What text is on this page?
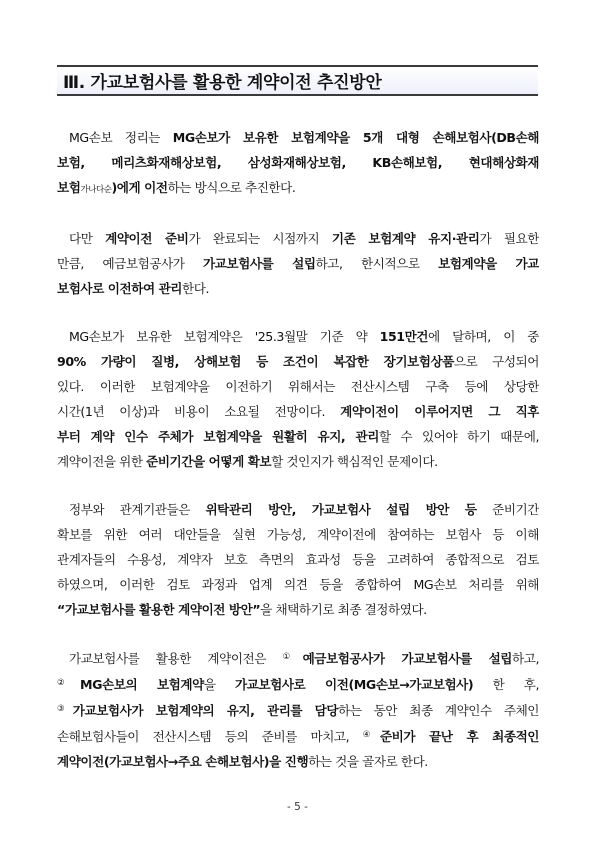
Ⅲ. 가교보험사를 활용한 계약이전 추진방안
MG손보 정리는 MG손보가 보유한 보험계약을 5개 대형 손해보험사(DB손해
보험, 메리츠화재해상보험, 삼성화재해상보험, KB손해보험, 현대해상화재
보험가나다순)에게 이전하는 방식으로 추진한다.
다만 계약이전 준비가 완료되는 시점까지 기존 보험계약 유지·관리가 필요한
만큼, 예금보험공사가 가교보험사를 설립하고, 한시적으로 보험계약을 가교
보험사로 이전하여 관리한다.
MG손보가 보유한 보험계약은 '25.3월말 기준 약 151만건에 달하며, 이 중
90% 가량이 질병, 상해보험 등 조건이 복잡한 장기보험상품으로 구성되어
있다. 이러한 보험계약을 이전하기 위해서는 전산시스템 구축 등에 상당한
시간(1년 이상)과 비용이 소요될 전망이다. 계약이전이 이루어지면 그 직후
부터 계약 인수 주체가 보험계약을 원활히 유지, 관리할 수 있어야 하기 때문에,
계약이전을 위한 준비기간을 어떻게 확보할 것인지가 핵심적인 문제이다.
정부와 관계기관들은 위탁관리 방안, 가교보험사 설립 방안 등 준비기간
확보를 위한 여러 대안들을 실현 가능성, 계약이전에 참여하는 보험사 등 이해
관계자들의 수용성, 계약자 보호 측면의 효과성 등을 고려하여 종합적으로 검토
하였으며, 이러한 검토 과정과 업계 의견 등을 종합하여 MG손보 처리를 위해
“가교보험사를 활용한 계약이전 방안”을 채택하기로 최종 결정하였다.
가교보험사를 활용한 계약이전은 ①예금보험공사가 가교보험사를 설립하고,
②MG손보의 보험계약을 가교보험사로 이전(MG손보→가교보험사) 한 후,
③가교보험사가 보험계약의 유지, 관리를 담당하는 동안 최종 계약인수 주체인
손해보험사들이 전산시스템 등의 준비를 마치고, ④준비가 끝난 후 최종적인
계약이전(가교보험사→주요 손해보험사)을 진행하는 것을 골자로 한다.
- 5 -
